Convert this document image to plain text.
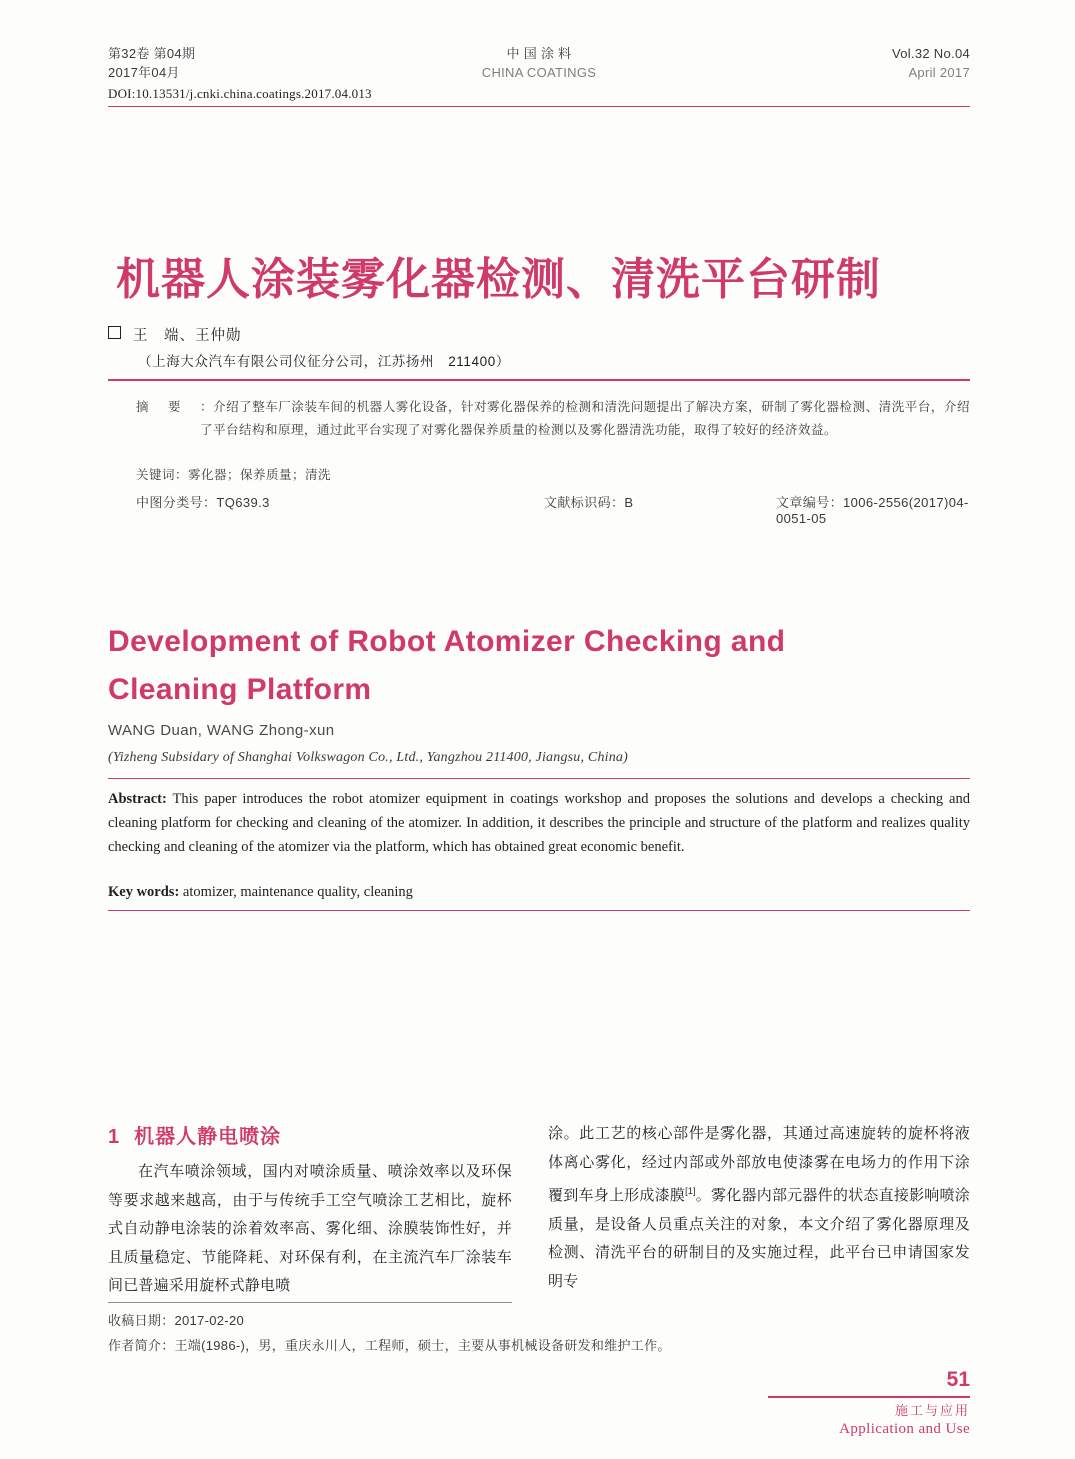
第32卷 第04期
2017年04月
中 国 涂 料
CHINA COATINGS
Vol.32 No.04
April 2017
DOI:10.13531/j.cnki.china.coatings.2017.04.013
机器人涂装雾化器检测、清洗平台研制
王　端、王仲勋
（上海大众汽车有限公司仪征分公司，江苏扬州　211400）
摘 要 ：介绍了整车厂涂装车间的机器人雾化设备，针对雾化器保养的检测和清洗问题提出了解决方案，研制了雾化器检测、清洗平台，介绍了平台结构和原理，通过此平台实现了对雾化器保养质量的检测以及雾化器清洗功能，取得了较好的经济效益。
关键词：雾化器；保养质量；清洗
中图分类号：TQ639.3	文献标识码：B	文章编号：1006-2556(2017)04-0051-05
Development of Robot Atomizer Checking and Cleaning Platform
WANG Duan, WANG Zhong-xun
(Yizheng Subsidary of Shanghai Volkswagon Co., Ltd., Yangzhou 211400, Jiangsu, China)
Abstract: This paper introduces the robot atomizer equipment in coatings workshop and proposes the solutions and develops a checking and cleaning platform for checking and cleaning of the atomizer. In addition, it describes the principle and structure of the platform and realizes quality checking and cleaning of the atomizer via the platform, which has obtained great economic benefit.
Key words: atomizer, maintenance quality, cleaning
1 机器人静电喷涂

在汽车喷涂领域，国内对喷涂质量、喷涂效率以及环保等要求越来越高，由于与传统手工空气喷涂工艺相比，旋杯式自动静电涂装的涂着效率高、雾化细、涂膜装饰性好，并且质量稳定、节能降耗、对环保有利，在主流汽车厂涂装车间已普遍采用旋杯式静电喷

涂。此工艺的核心部件是雾化器，其通过高速旋转的旋杯将液体离心雾化，经过内部或外部放电使漆雾在电场力的作用下涂覆到车身上形成漆膜[1]。雾化器内部元器件的状态直接影响喷涂质量，是设备人员重点关注的对象，本文介绍了雾化器原理及检测、清洗平台的研制目的及实施过程，此平台已申请国家发明专

收稿日期：2017-02-20
作者简介：王端(1986-)，男，重庆永川人，工程师，硕士，主要从事机械设备研发和维护工作。
51
施工与应用
Application and Use
